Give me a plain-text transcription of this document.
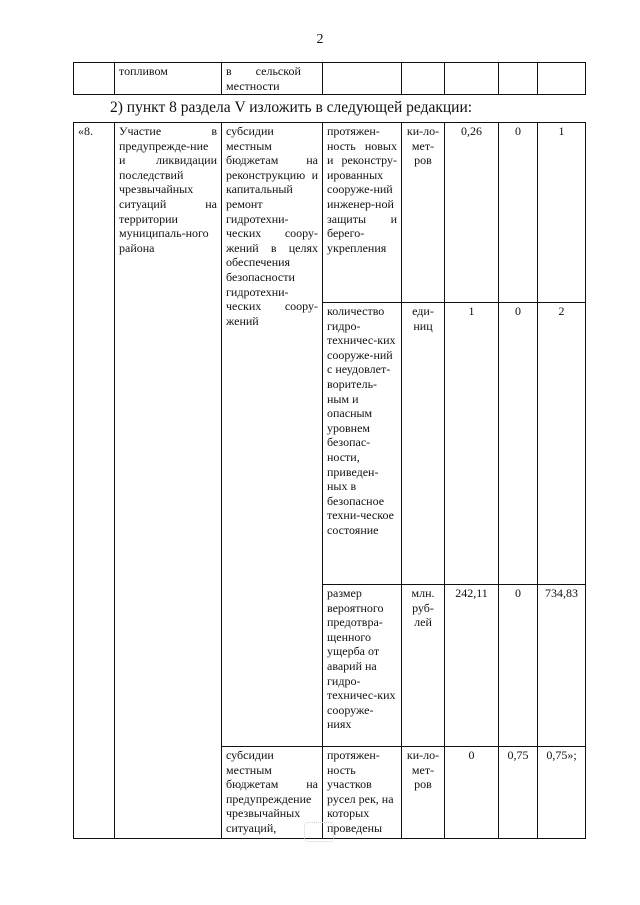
2
	топливом	в        сельской
местности

2) пункт 8 раздела V изложить в следующей редакции:
«8.	Участие в предупрежде-ние и ликвидации последствий чрезвычайных ситуаций на территории муниципаль-ного района	субсидии местным бюджетам на реконструкцию и капитальный ремонт гидротехни-ческих соору-жений в целях обеспечения безопасности гидротехни-ческих соору-жений	протяжен-ность новых и реконстру-ированных сооруже-ний инженер-ной защиты и берего-укрепления	ки-ло-мет-ров	0,26	0	1
			количество гидро-техничес-ких сооруже-ний с неудовлет-воритель-ным и опасным уровнем безопас-ности, приведен-ных в безопасное техни-ческое состояние	еди-ниц	1	0	2
			размер вероятного предотвра-щенного ущерба от аварий на гидро-техничес-ких сооруже-ниях	млн. руб-лей	242,11	0	734,83
		субсидии местным бюджетам на предупреждение чрезвычайных ситуаций,	протяжен-ность участков русел рек, на которых проведены	ки-ло-мет-ров	0	0,75	0,75»;
